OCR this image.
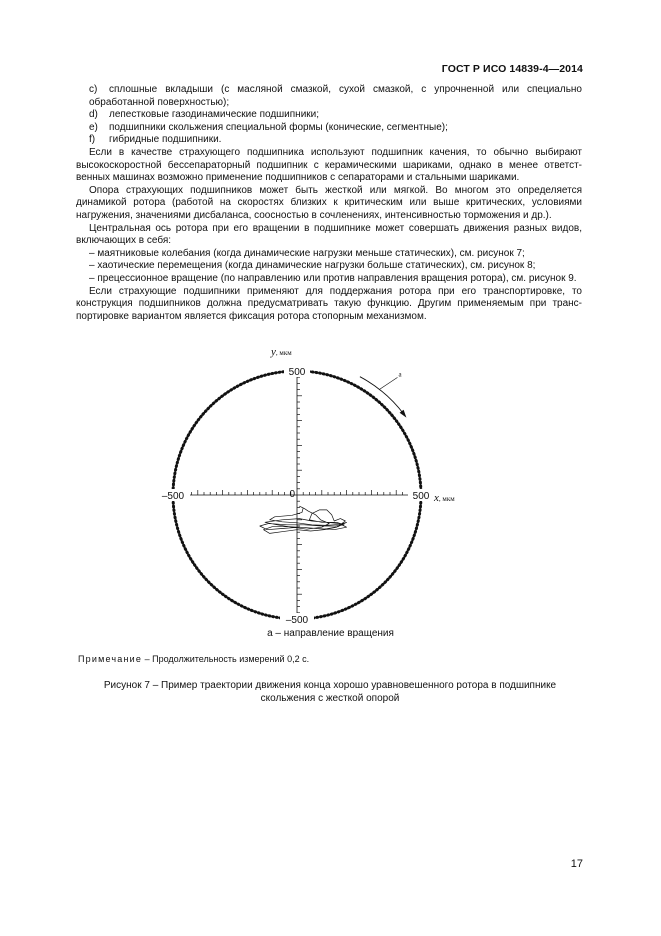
ГОСТ Р ИСО 14839-4—2014

с) сплошные вкладыши (с масляной смазкой, сухой смазкой, с упрочненной или специально обработанной поверхностью);

d) лепестковые газодинамические подшипники;

е) подшипники скольжения специальной формы (конические, сегментные);

f) гибридные подшипники.

Если в качестве страхующего подшипника используют подшипник качения, то обычно выбирают высокоскоростной бессепараторный подшипник с керамическими шариками, однако в менее ответст-венных машинах возможно применение подшипников с сепараторами и стальными шариками.

Опора страхующих подшипников может быть жесткой или мягкой. Во многом это определяется динамикой ротора (работой на скоростях близких к критическим или выше критических, условиями нагружения, значениями дисбаланса, соосностью в сочленениях, интенсивностью торможения и др.).

Центральная ось ротора при его вращении в подшипнике может совершать движения разных видов, включающих в себя:

– маятниковые колебания (когда динамические нагрузки меньше статических), см. рисунок 7;

– хаотические перемещения (когда динамические нагрузки больше статических), см. рисунок 8;

– прецессионное вращение (по направлению или против направления вращения ротора), см. рисунок 9.

Если страхующие подшипники применяют для поддержания ротора при его транспортировке, то конструкция подшипников должна предусматривать такую функцию. Другим применяемым при транс-портировке вариантом является фиксация ротора стопорным механизмом.

а
500
–500
–500	500
0
y, мкм
x, мкм
а – направление вращения
Примечание – Продолжительность измерений 0,2 с.
Рисунок 7 – Пример траектории движения конца хорошо уравновешенного ротора в подшипнике скольжения с жесткой опорой
17
